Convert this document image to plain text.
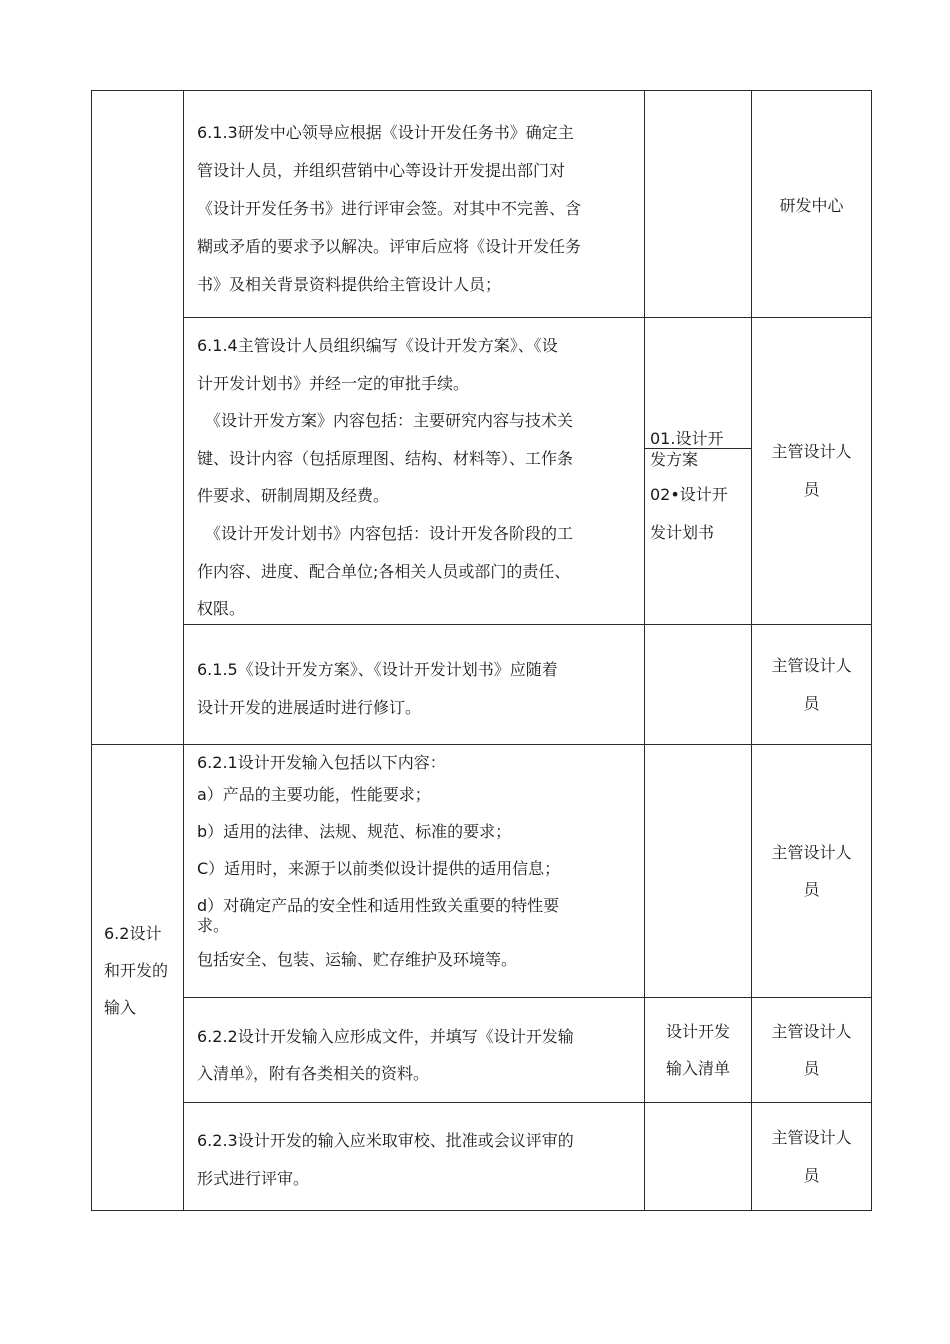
6.1.3研发中心领导应根据《设计开发任务书》确定主

管设计人员，并组织营销中心等设计开发提出部门对

《设计开发任务书》进行评审会签。对其中不完善、含

糊或矛盾的要求予以解决。评审后应将《设计开发任务

书》及相关背景资料提供给主管设计人员；

研发中心

6.1.4主管设计人员组织编写《设计开发方案》、《设

计开发计划书》并经一定的审批手续。

《设计开发方案》内容包括：主要研究内容与技术关

键、设计内容（包括原理图、结构、材料等）、工作条

件要求、研制周期及经费。

《设计开发计划书》内容包括：设计开发各阶段的工

作内容、进度、配合单位;各相关人员或部门的责任、

权限。

01.设计开

发方案

02•设计开

发计划书

主管设计人
员

6.1.5《设计开发方案》、《设计开发计划书》应随着

设计开发的进展适时进行修订。

主管设计人
员

6.2设计

和开发的

输入

6.2.1设计开发输入包括以下内容：

a）产品的主要功能，性能要求；

b）适用的法律、法规、规范、标准的要求；

C）适用时，来源于以前类似设计提供的适用信息；

d）对确定产品的安全性和适用性致关重要的特性要

求。

包括安全、包装、运输、贮存维护及环境等。

主管设计人
员

6.2.2设计开发输入应形成文件，并填写《设计开发输

入清单》，附有各类相关的资料。

设计开发
输入清单
主管设计人
员

6.2.3设计开发的输入应米取审校、批准或会议评审的

形式进行评审。

主管设计人
员
